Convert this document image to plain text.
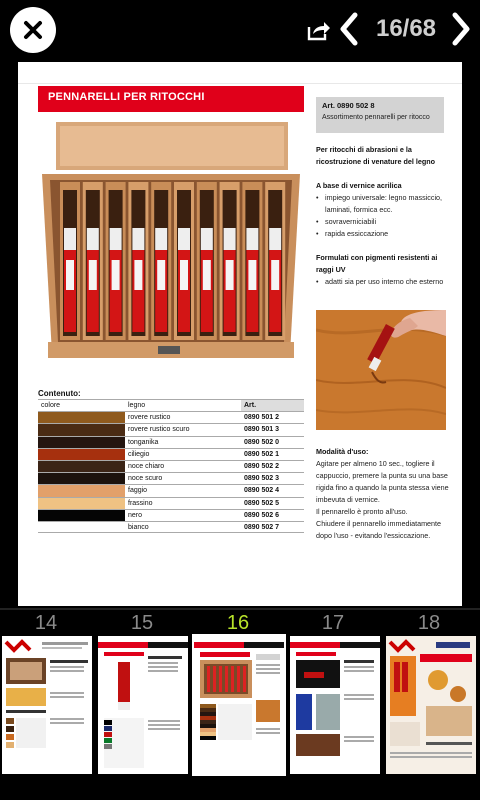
16/68
PENNARELLI PER RITOCCHI
Contenuto:
colore	legno	Art.
rovere rustico	0890 501 2
rovere rustico scuro	0890 501 3
tonganika	0890 502 0
ciliegio	0890 502 1
noce chiaro	0890 502 2
noce scuro	0890 502 3
faggio	0890 502 4
frassino	0890 502 5
nero	0890 502 6
bianco	0890 502 7
Art. 0890 502 8
Assortimento pennarelli per ritocco
Per ritocchi di abrasioni e la ricostruzione di venature del legno
A base di vernice acrilica
• impiego universale: legno massiccio, laminati, formica ecc.
• sovraverniciabili
• rapida essiccazione
Formulati con pigmenti resistenti ai raggi UV
• adatti sia per uso interno che esterno
Modalità d'uso:
Agitare per almeno 10 sec., togliere il cappuccio, premere la punta su una base rigida fino a quando la punta stessa viene imbevuta di vernice.
Il pennarello è pronto all'uso.
Chiudere il pennarello immediatamente dopo l'uso - evitando l'essiccazione.
14	15	16	17	18
